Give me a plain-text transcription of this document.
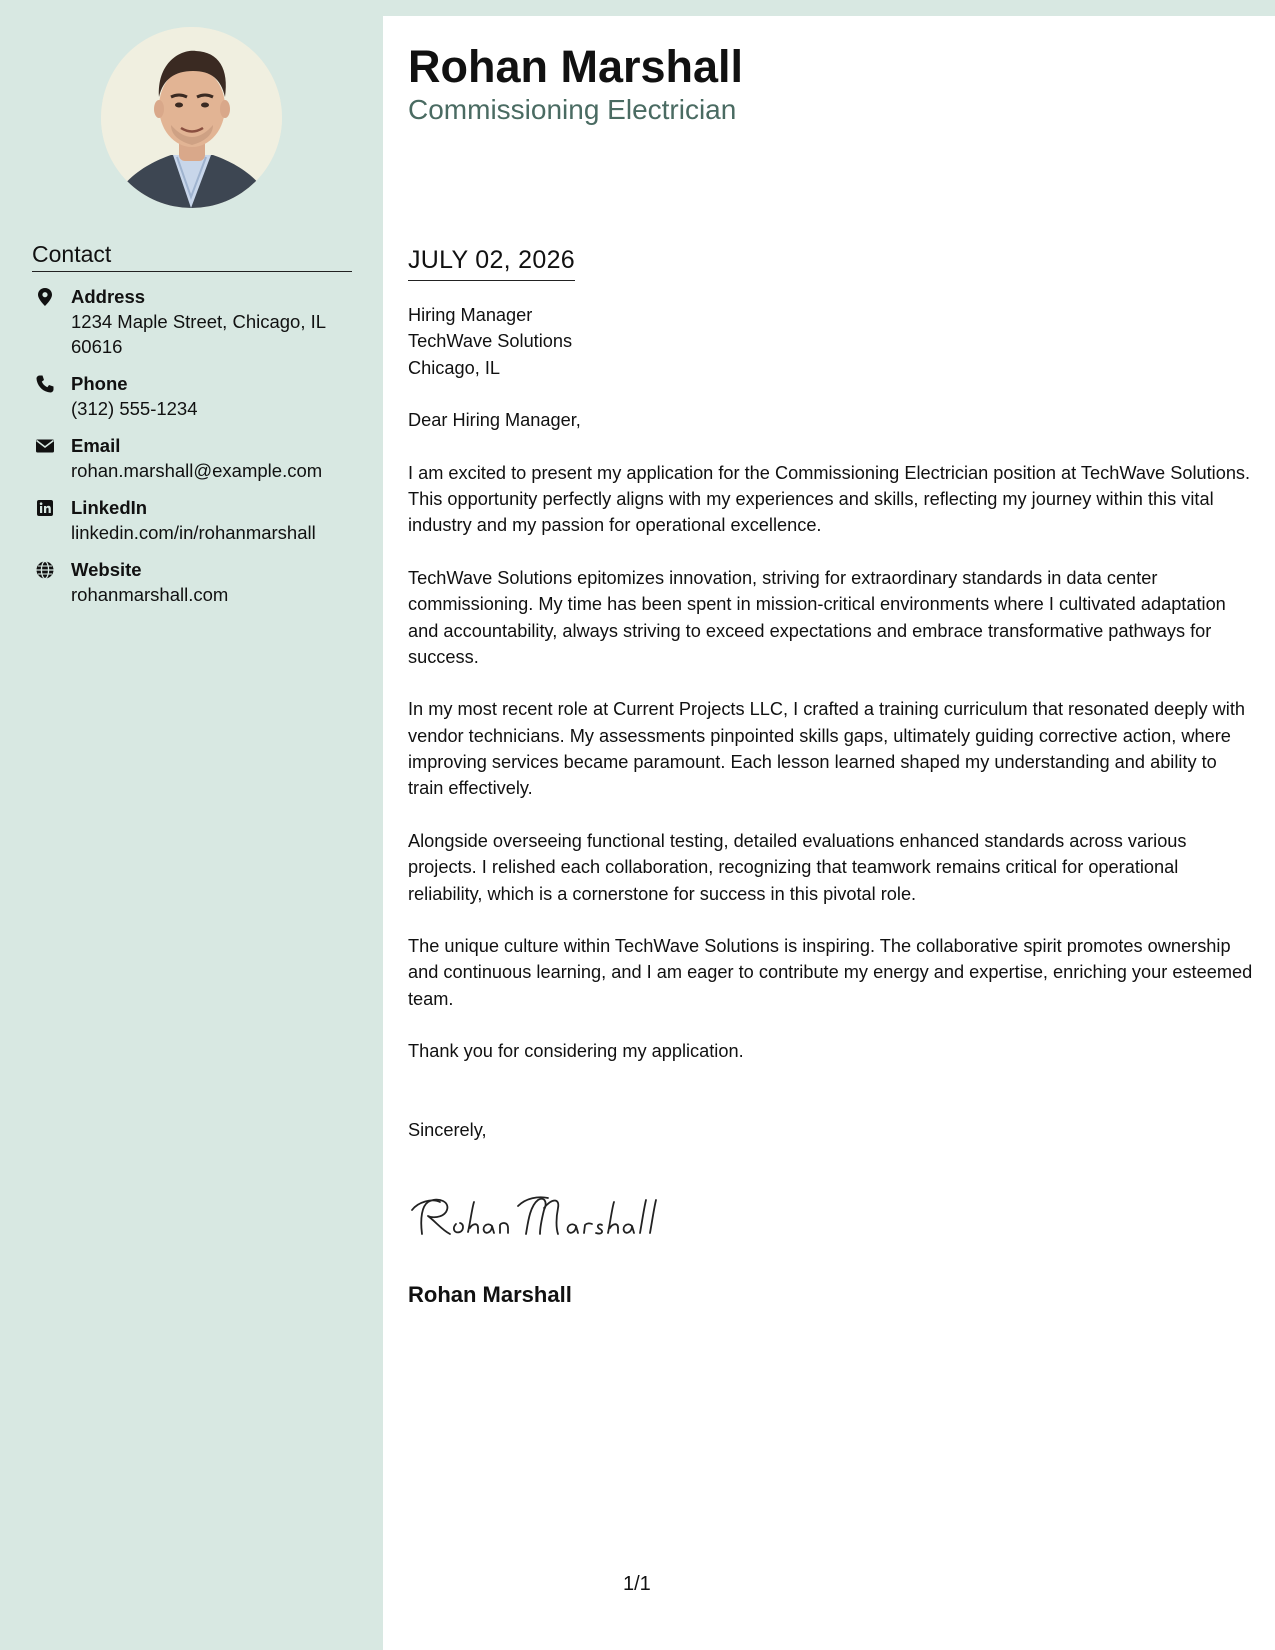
Contact
Address
1234 Maple Street, Chicago, IL 60616
Phone
(312) 555-1234
Email
rohan.marshall@example.com
LinkedIn
linkedin.com/in/rohanmarshall
Website
rohanmarshall.com
Rohan Marshall
Commissioning Electrician
JULY 02, 2026

Hiring Manager
TechWave Solutions
Chicago, IL

Dear Hiring Manager,

I am excited to present my application for the Commissioning Electrician position at TechWave Solutions. This opportunity perfectly aligns with my experiences and skills, reflecting my journey within this vital industry and my passion for operational excellence.

TechWave Solutions epitomizes innovation, striving for extraordinary standards in data center commissioning. My time has been spent in mission-critical environments where I cultivated adaptation and accountability, always striving to exceed expectations and embrace transformative pathways for success.

In my most recent role at Current Projects LLC, I crafted a training curriculum that resonated deeply with vendor technicians. My assessments pinpointed skills gaps, ultimately guiding corrective action, where improving services became paramount. Each lesson learned shaped my understanding and ability to train effectively.

Alongside overseeing functional testing, detailed evaluations enhanced standards across various projects. I relished each collaboration, recognizing that teamwork remains critical for operational reliability, which is a cornerstone for success in this pivotal role.

The unique culture within TechWave Solutions is inspiring. The collaborative spirit promotes ownership and continuous learning, and I am eager to contribute my energy and expertise, enriching your esteemed team.

Thank you for considering my application.

Sincerely,

Rohan Marshall
1/1
